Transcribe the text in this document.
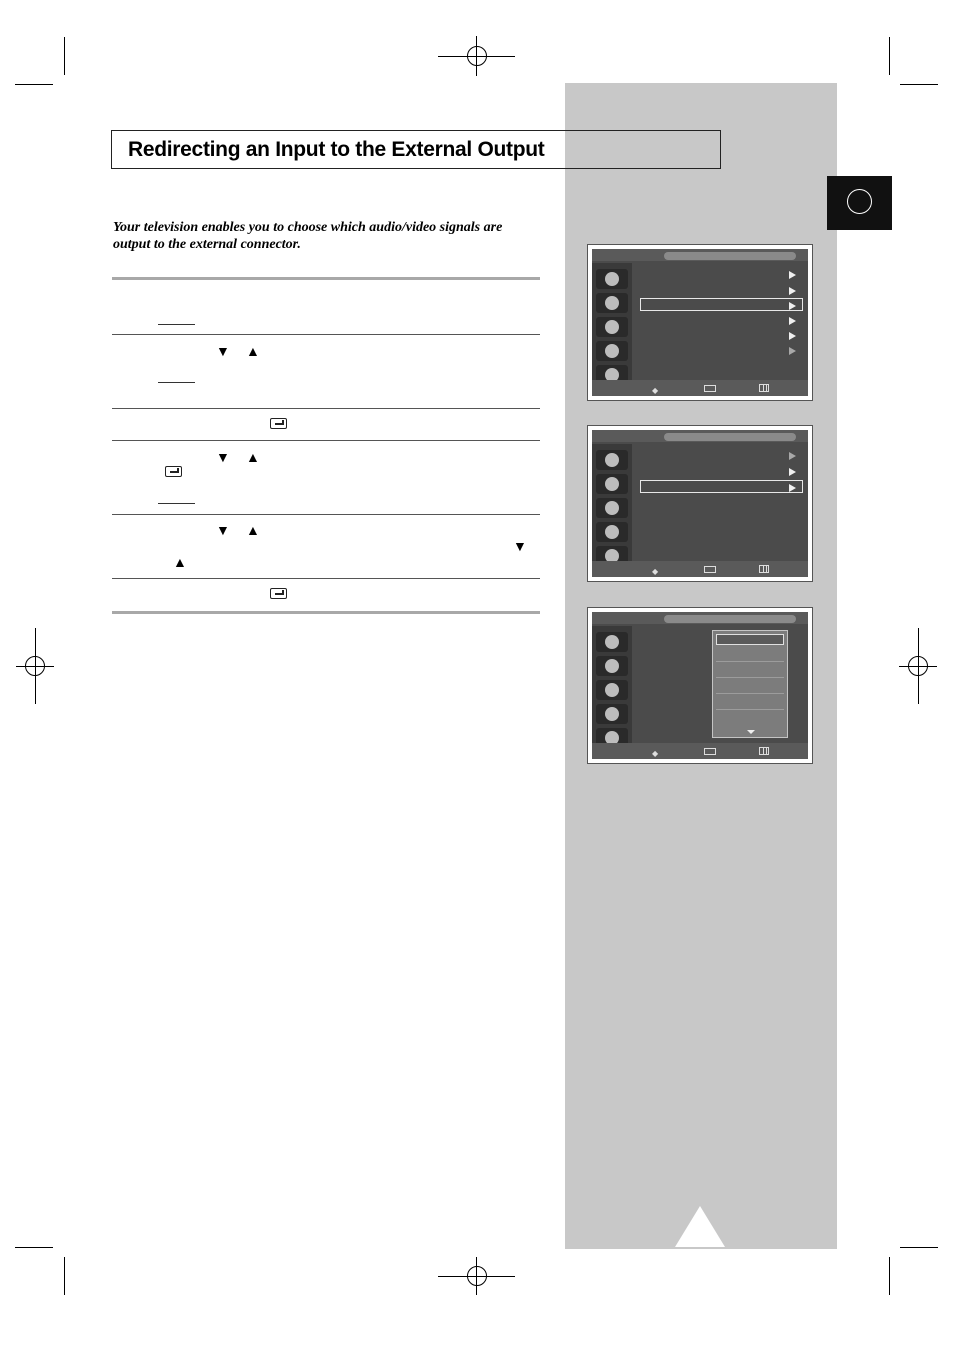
Redirecting an Input to the External Output
Your television enables you to choose which audio/video signals are output to the external connector.
▼ ▲
▼ ▲
▼ ▲
▼
▲
◆
◆
◆
